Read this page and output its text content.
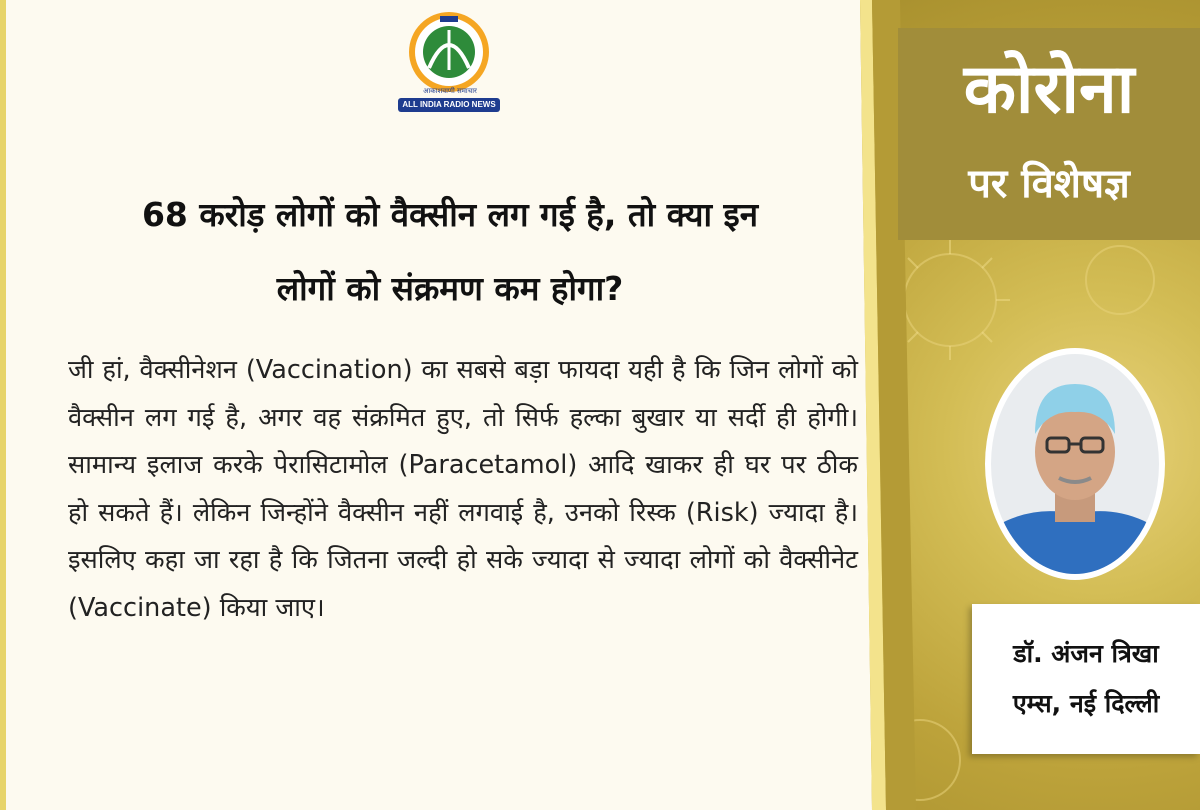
आकाशवाणी समाचार
ALL INDIA RADIO NEWS
68 करोड़ लोगों को वैक्सीन लग गई है, तो क्या इन
लोगों को संक्रमण कम होगा?
जी हां, वैक्सीनेशन (Vaccination) का सबसे बड़ा फायदा यही है कि जिन लोगों को वैक्सीन लग गई है, अगर वह संक्रमित हुए, तो सिर्फ हल्का बुखार या सर्दी ही होगी। सामान्य इलाज करके पेरासिटामोल (Paracetamol) आदि खाकर ही घर पर ठीक हो सकते हैं। लेकिन जिन्होंने वैक्सीन नहीं लगवाई है, उनको रिस्क (Risk) ज्यादा है। इसलिए कहा जा रहा है कि जितना जल्दी हो सके ज्यादा से ज्यादा लोगों को वैक्सीनेट (Vaccinate) किया जाए।
कोरोना
पर विशेषज्ञ
डॉ. अंजन त्रिखा
एम्स, नई दिल्ली
